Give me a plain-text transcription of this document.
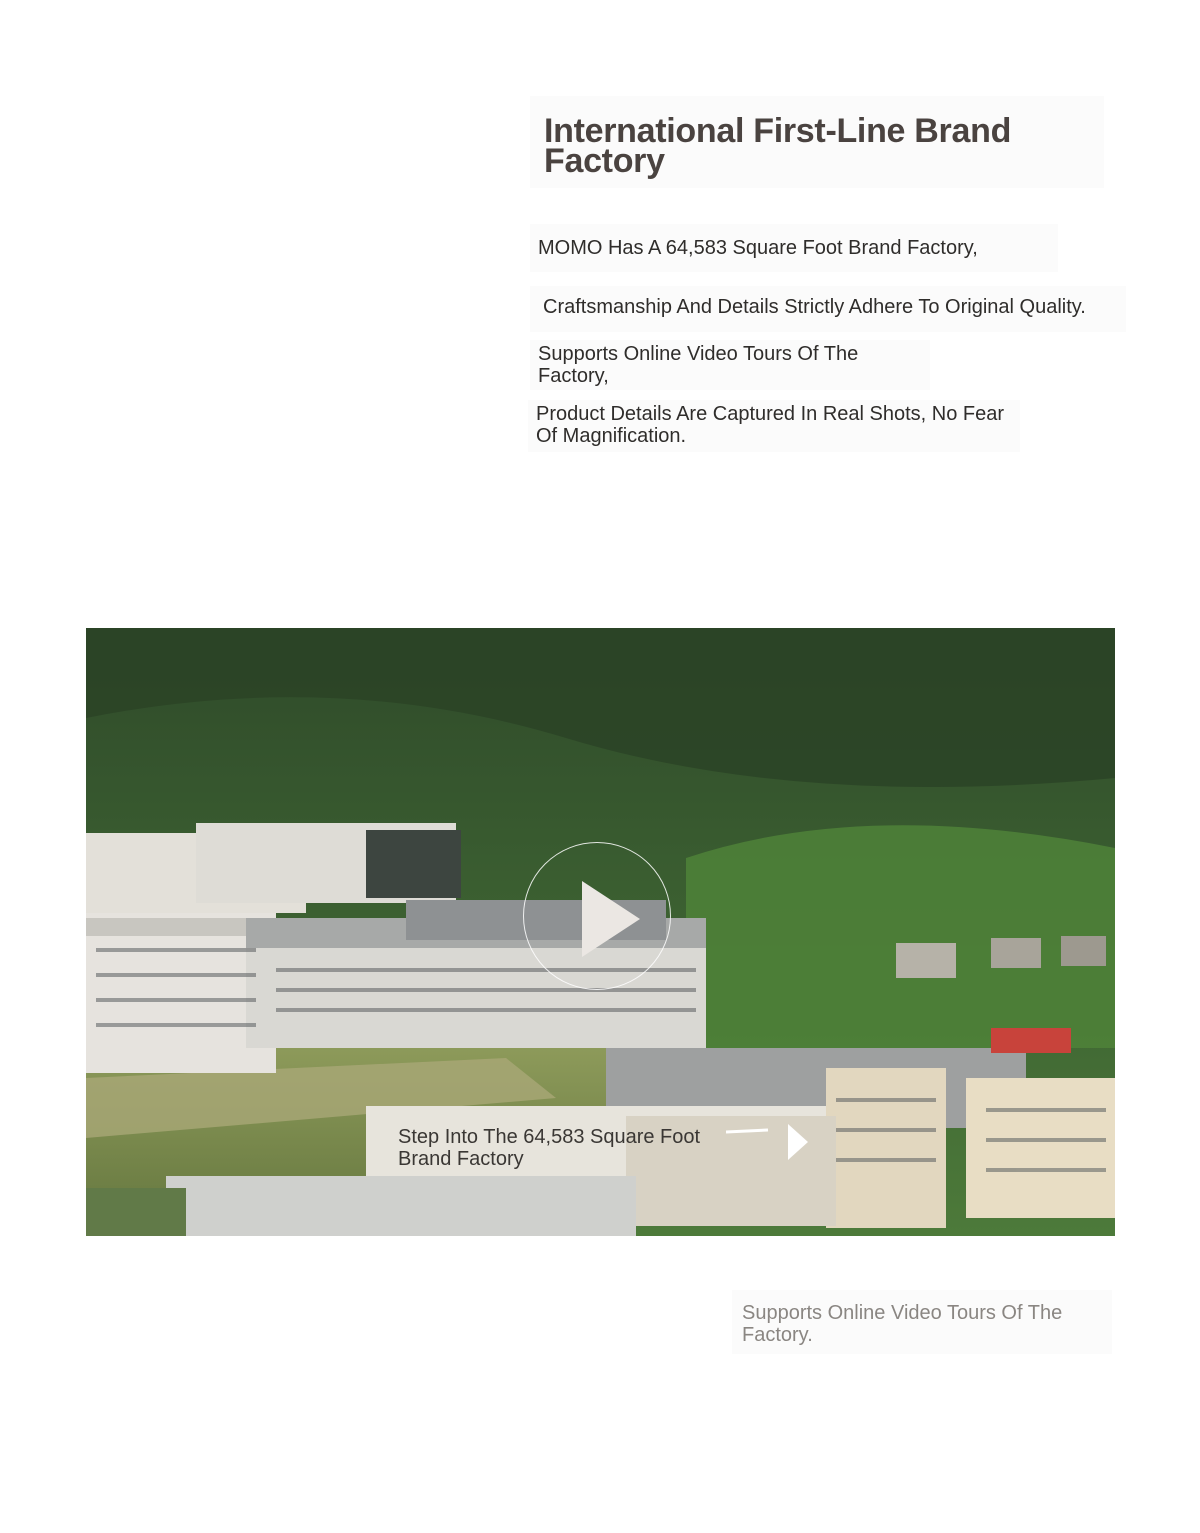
International First-Line Brand Factory
MOMO Has A 64,583 Square Foot Brand Factory,
Craftsmanship And Details Strictly Adhere To Original Quality.
Supports Online Video Tours Of The Factory,
Product Details Are Captured In Real Shots, No Fear Of Magnification.
Step Into The 64,583 Square Foot Brand Factory
Supports Online Video Tours Of The Factory.
